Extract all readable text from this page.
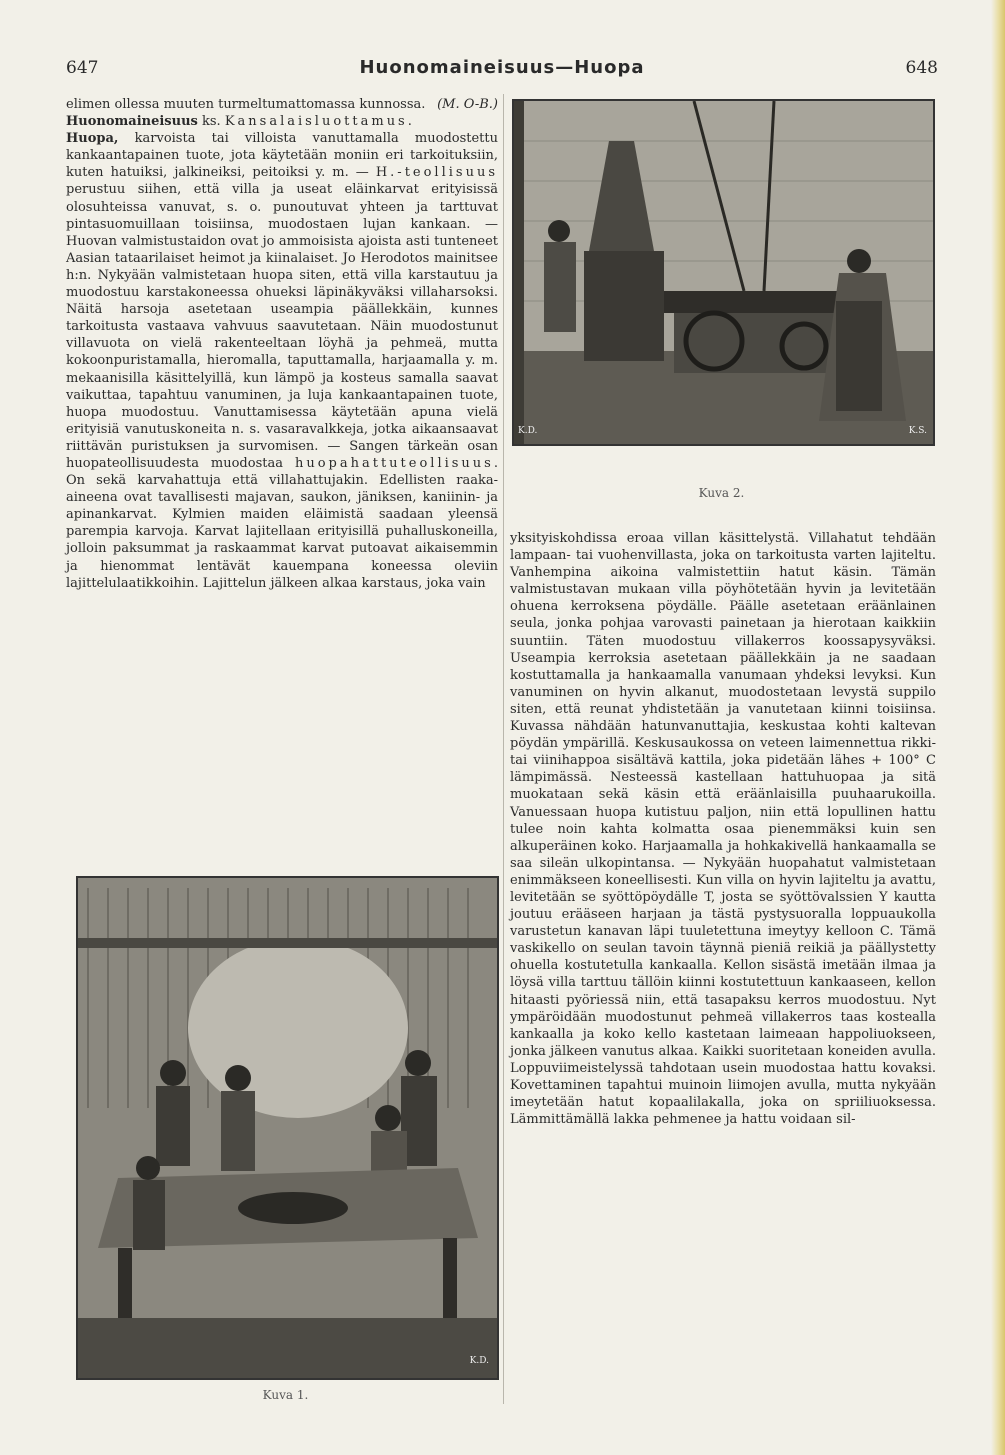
647	Huonomaineisuus—Huopa	648

elimen ollessa muuten turmeltumattomassa kunnossa. (M. O-B.)

Huonomaineisuus ks. Kansalaisluottamus.

Huopa, karvoista tai villoista vanuttamalla muodostettu kankaantapainen tuote, jota käytetään moniin eri tarkoituksiin, kuten hatuiksi, jalkineiksi, peitoiksi y. m. — H.-teollisuus perustuu siihen, että villa ja useat eläinkarvat erityisissä olosuhteissa vanuvat, s. o. punoutuvat yhteen ja tarttuvat pintasuomuillaan toisiinsa, muodostaen lujan kankaan. — Huovan valmistustaidon ovat jo ammoisista ajoista asti tunteneet Aasian tataarilaiset heimot ja kiinalaiset. Jo Herodotos mainitsee h:n. Nykyään valmistetaan huopa siten, että villa karstautuu ja muodostuu karstakoneessa ohueksi läpinäkyväksi villaharsoksi. Näitä harsoja asetetaan useampia päällekkäin, kunnes tarkoitusta vastaava vahvuus saavutetaan. Näin muodostunut villavuota on vielä rakenteeltaan löyhä ja pehmeä, mutta kokoonpuristamalla, hieromalla, taputtamalla, harjaamalla y. m. mekaanisilla käsittelyillä, kun lämpö ja kosteus samalla saavat vaikuttaa, tapahtuu vanuminen, ja luja kankaantapainen tuote, huopa muodostuu. Vanuttamisessa käytetään apuna vielä erityisiä vanutuskoneita n. s. vasaravalkkeja, jotka aikaansaavat riittävän puristuksen ja survomisen. — Sangen tärkeän osan huopateollisuudesta muodostaa huopahattuteollisuus. On sekä karvahattuja että villahattujakin. Edellisten raaka-aineena ovat tavallisesti majavan, saukon, jäniksen, kaniinin- ja apinankarvat. Kylmien maiden eläimistä saadaan yleensä parempia karvoja. Karvat lajitellaan erityisillä puhalluskoneilla, jolloin paksummat ja raskaammat karvat putoavat aikaisemmin ja hienommat lentävät kauempana koneessa oleviin lajittelulaatikkoihin. Lajittelun jälkeen alkaa karstaus, joka vain

K.D.	K.S.
Kuva 2.

yksityiskohdissa eroaa villan käsittelystä. Villahatut tehdään lampaan- tai vuohenvillasta, joka on tarkoitusta varten lajiteltu. Vanhempina aikoina valmistettiin hatut käsin. Tämän valmistustavan mukaan villa pöyhötetään hyvin ja levitetään ohuena kerroksena pöydälle. Päälle asetetaan eräänlainen seula, jonka pohjaa varovasti painetaan ja hierotaan kaikkiin suuntiin. Täten muodostuu villakerros koossapysyväksi. Useampia kerroksia asetetaan päällekkäin ja ne saadaan kostuttamalla ja hankaamalla vanumaan yhdeksi levyksi. Kun vanuminen on hyvin alkanut, muodostetaan levystä suppilo siten, että reunat yhdistetään ja vanutetaan kiinni toisiinsa. Kuvassa nähdään hatunvanuttajia, keskustaa kohti kaltevan pöydän ympärillä. Keskusaukossa on veteen laimennettua rikki- tai viinihappoa sisältävä kattila, joka pidetään lähes + 100° C lämpimässä. Nesteessä kastellaan hattuhuopaa ja sitä muokataan sekä käsin että eräänlaisilla puuhaarukoilla. Vanuessaan huopa kutistuu paljon, niin että lopullinen hattu tulee noin kahta kolmatta osaa pienemmäksi kuin sen alkuperäinen koko. Harjaamalla ja hohkakivellä hankaamalla se saa sileän ulkopintansa. — Nykyään huopahatut valmistetaan enimmäkseen koneellisesti. Kun villa on hyvin lajiteltu ja avattu, levitetään se syöttöpöydälle T, josta se syöttövalssien Y kautta joutuu erääseen harjaan ja tästä pystysuoralla loppuaukolla varustetun kanavan läpi tuuletettuna imeytyy kelloon C. Tämä vaskikello on seulan tavoin täynnä pieniä reikiä ja päällystetty ohuella kostutetulla kankaalla. Kellon sisästä imetään ilmaa ja löysä villa tarttuu tällöin kiinni kostutettuun kankaaseen, kellon hitaasti pyöriessä niin, että tasapaksu kerros muodostuu. Nyt ympäröidään muodostunut pehmeä villakerros taas kostealla kankaalla ja koko kello kastetaan laimeaan happoliuokseen, jonka jälkeen vanutus alkaa. Kaikki suoritetaan koneiden avulla. Loppuviimeistelyssä tahdotaan usein muodostaa hattu kovaksi. Kovettaminen tapahtui muinoin liimojen avulla, mutta nykyään imeytetään hatut kopaalilakalla, joka on spriiliuoksessa. Lämmittämällä lakka pehmenee ja hattu voidaan sil-

K.D.
Kuva 1.
